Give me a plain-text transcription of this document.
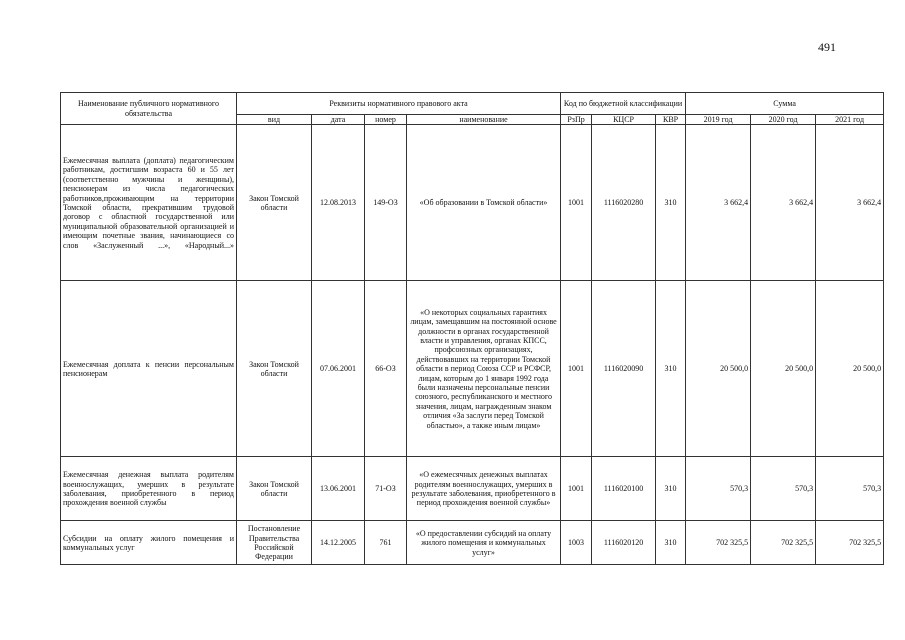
491
Наименование публичного нормативного обязательства	Реквизиты нормативного правового акта				Код по бюджетной классификации			Сумма		
	вид	дата	номер	наименование	РзПр	КЦСР	КВР	2019 год	2020 год	2021 год
Ежемесячная выплата (доплата) педагогическим работникам, достигшим возраста 60 и 55 лет (соответственно мужчины и женщины), пенсионерам из числа педагогических работников,проживающим на территории Томской области, прекратившим трудовой договор с областной государственной или муниципальной образовательной организацией и имеющим почетные звания, начинающиеся со слов «Заслуженный ...», «Народный...»	Закон Томской области	12.08.2013	149-ОЗ	«Об образовании в Томской области»	1001	1116020280	310	3 662,4	3 662,4	3 662,4
Ежемесячная доплата к пенсии персональным пенсионерам	Закон Томской области	07.06.2001	66-ОЗ	«О некоторых социальных гарантиях лицам, замещавшим на постоянной основе должности в органах государственной власти и управления, органах КПСС, профсоюзных организациях, действовавших на территории Томской области в период Союза ССР и РСФСР, лицам, которым до 1 января 1992 года были назначены персональные пенсии союзного, республиканского и местного значения, лицам, награжденным знаком отличия «За заслуги перед Томской областью», а также иным лицам»	1001	1116020090	310	20 500,0	20 500,0	20 500,0
Ежемесячная денежная выплата родителям военнослужащих, умерших в результате заболевания, приобретенного в период прохождения военной службы	Закон Томской области	13.06.2001	71-ОЗ	«О ежемесячных денежных выплатах родителям военнослужащих, умерших в результате заболевания, приобретенного в период прохождения военной службы»	1001	1116020100	310	570,3	570,3	570,3
Субсидии на оплату жилого помещения и коммунальных услуг	Постановление Правительства Российской Федерации	14.12.2005	761	«О предоставлении субсидий на оплату жилого помещения и коммунальных услуг»	1003	1116020120	310	702 325,5	702 325,5	702 325,5
